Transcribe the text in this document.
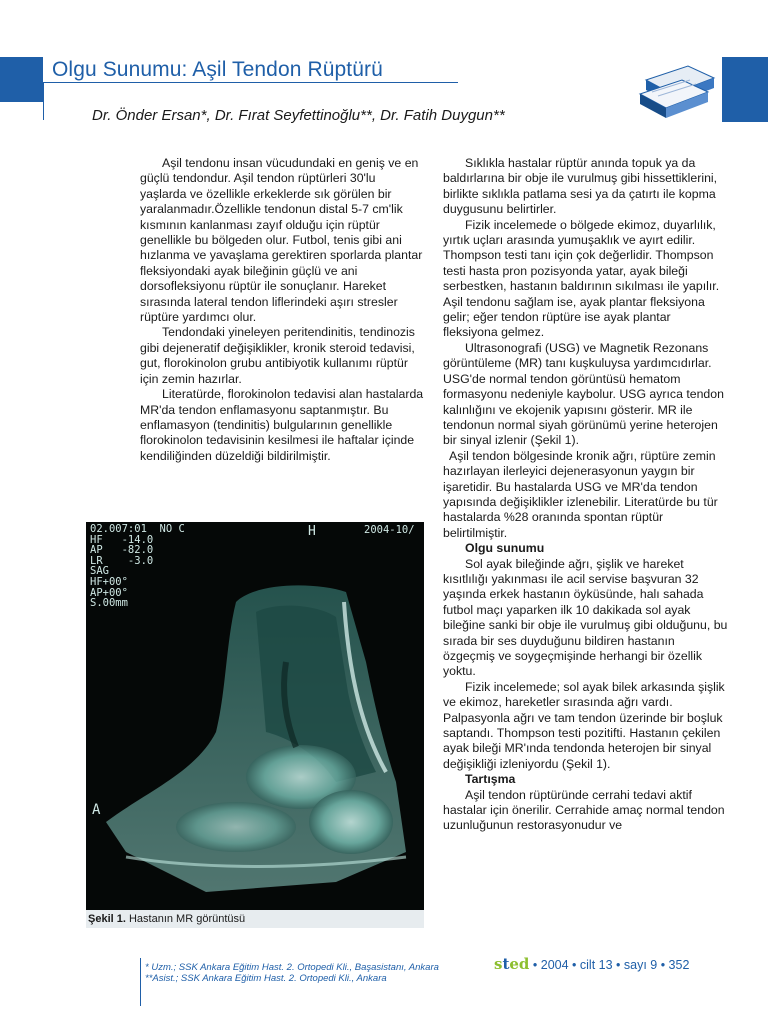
Olgu Sunumu: Aşil Tendon Rüptürü
Dr. Önder Ersan*, Dr. Fırat Seyfettinoğlu**, Dr. Fatih Duygun**

Aşil tendonu insan vücudundaki en geniş ve en güçlü tendondur. Aşil tendon rüptürleri 30'lu yaşlarda ve özellikle erkeklerde sık görülen bir yaralanmadır.Özellikle tendonun distal 5-7 cm'lik kısmının kanlanması zayıf olduğu için rüptür genellikle bu bölgeden olur. Futbol, tenis gibi ani hızlanma ve yavaşlama gerektiren sporlarda plantar fleksiyondaki ayak bileğinin güçlü ve ani dorsofleksiyonu rüptür ile sonuçlanır. Hareket sırasında lateral tendon liflerindeki aşırı stresler rüptüre yardımcı olur.

Tendondaki yineleyen peritendinitis, tendinozis gibi dejeneratif değişiklikler, kronik steroid tedavisi, gut, florokinolon grubu antibiyotik kullanımı rüptür için zemin hazırlar.

Literatürde, florokinolon tedavisi alan hastalarda MR'da tendon enflamasyonu saptanmıştır. Bu enflamasyon (tendinitis) bulgularının genellikle florokinolon tedavisinin kesilmesi ile haftalar içinde kendiliğinden düzeldiği bildirilmiştir.

02.007:01  NO C
HF   -14.0
AP   -82.0
LR    -3.0
SAG
HF+00°
AP+00°
S.00mm
H	2004-10/
A
Şekil 1. Hastanın MR görüntüsü

Sıklıkla hastalar rüptür anında topuk ya da baldırlarına bir obje ile vurulmuş gibi hissettiklerini, birlikte sıklıkla patlama sesi ya da çatırtı ile kopma duygusunu belirtirler.

Fizik incelemede o bölgede ekimoz, duyarlılık, yırtık uçları arasında yumuşaklık ve ayırt edilir. Thompson testi tanı için çok değerlidir. Thompson testi hasta pron pozisyonda yatar, ayak bileği serbestken, hastanın baldırının sıkılması ile yapılır. Aşil tendonu sağlam ise, ayak plantar fleksiyona gelir; eğer tendon rüptüre ise ayak plantar fleksiyona gelmez.

Ultrasonografi (USG) ve Magnetik Rezonans görüntüleme (MR) tanı kuşkuluysa yardımcıdırlar. USG'de normal tendon görüntüsü hematom formasyonu nedeniyle kaybolur. USG ayrıca tendon kalınlığını ve ekojenik yapısını gösterir. MR ile tendonun normal siyah görünümü yerine heterojen bir sinyal izlenir (Şekil 1).

Aşil tendon bölgesinde kronik ağrı, rüptüre zemin hazırlayan ilerleyici dejenerasyonun yaygın bir işaretidir. Bu hastalarda USG ve MR'da tendon yapısında değişiklikler izlenebilir. Literatürde bu tür hastalarda %28 oranında spontan rüptür belirtilmiştir.

Olgu sunumu

Sol ayak bileğinde ağrı, şişlik ve hareket kısıtlılığı yakınması ile acil servise başvuran 32 yaşında erkek hastanın öyküsünde, halı sahada futbol maçı yaparken ilk 10 dakikada sol ayak bileğine sanki bir obje ile vurulmuş gibi olduğunu, bu sırada bir ses duyduğunu bildiren hastanın özgeçmiş ve soygeçmişinde herhangi bir özellik yoktu.

Fizik incelemede; sol ayak bilek arkasında şişlik ve ekimoz, hareketler sırasında ağrı vardı. Palpasyonla ağrı ve tam tendon üzerinde bir boşluk saptandı. Thompson testi pozitifti. Hastanın çekilen ayak bileği MR'ında tendonda heterojen bir sinyal değişikliği izleniyordu (Şekil 1).

Tartışma

Aşil tendon rüptüründe cerrahi tedavi aktif hastalar için önerilir. Cerrahide amaç normal tendon uzunluğunun restorasyonudur ve

* Uzm.; SSK Ankara Eğitim Hast. 2. Ortopedi Kli., Başasistanı, Ankara
**Asist.; SSK Ankara Eğitim Hast. 2. Ortopedi Kli., Ankara
sted • 2004 • cilt 13 • sayı 9 • 352
